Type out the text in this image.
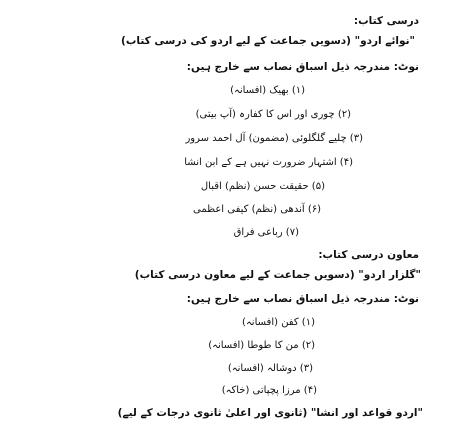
درسی کتاب:
"نوائے اردو" (دسویں جماعت کے لیے اردو کی درسی کتاب)
نوٹ: مندرجہ ذیل اسباق نصاب سے خارج ہیں:
(۱) بھیک (افسانہ)
(۲) چوری اور اس کا کفارہ (آپ بیتی)
(۳) چلیے گلگلوئی (مضمون) آل احمد سرور
(۴) اشتہار ضرورت نہیں ہے کے ابن انشا
(۵) حقیقت حسن (نظم) اقبال
(۶) آندھی (نظم) کیفی اعظمی
(۷) رباعی فراق
معاون درسی کتاب:
"گلزار اردو" (دسویں جماعت کے لیے معاون درسی کتاب)
نوٹ: مندرجہ ذیل اسباق نصاب سے خارج ہیں:
(۱) کفن (افسانہ)
(۲) من کا طوطا (افسانہ)
(۳) دوشالہ (افسانہ)
(۴) مرزا پچپاتی (خاکہ)
"اردو قواعد اور انشا" (ثانوی اور اعلیٰ ثانوی درجات کے لیے)
